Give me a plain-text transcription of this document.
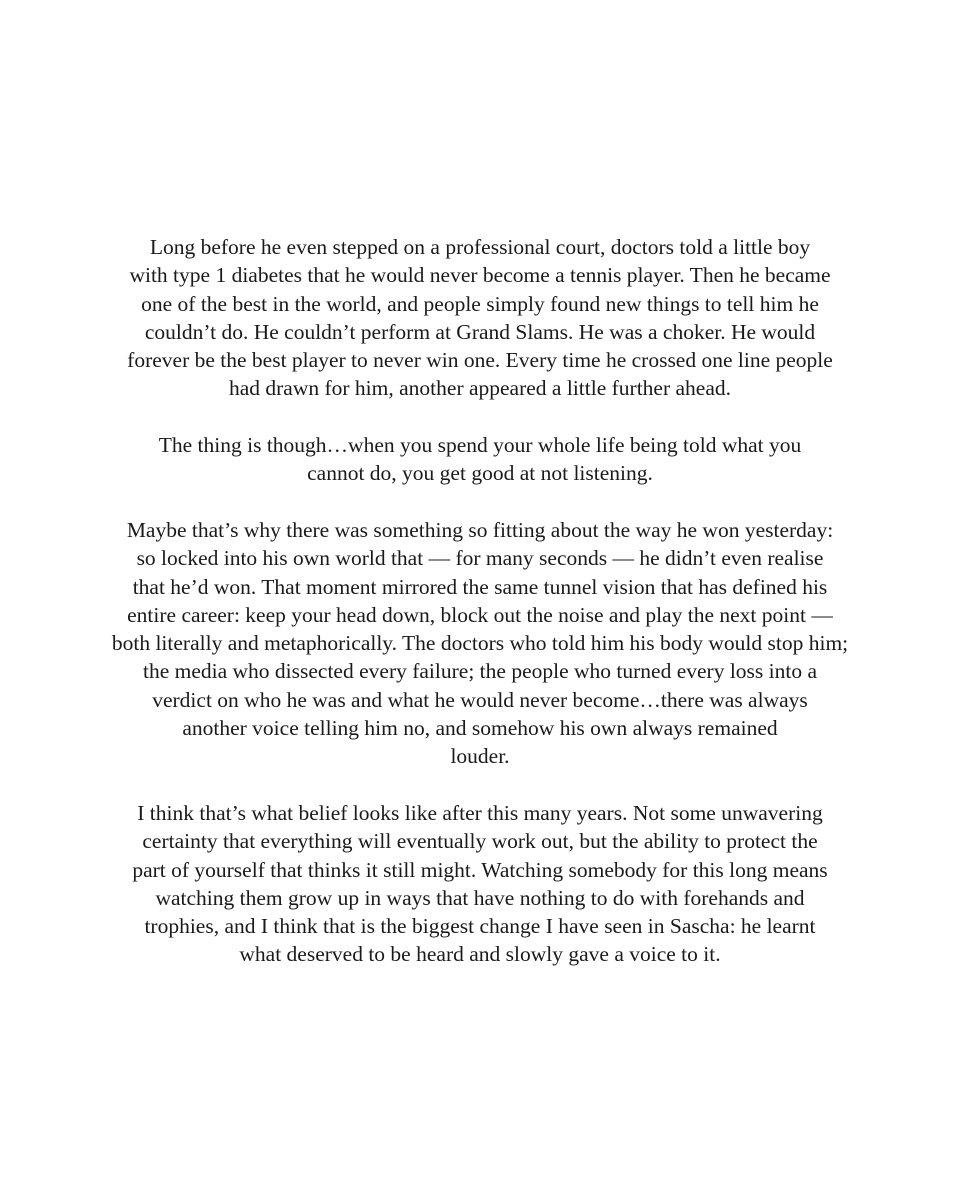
Long before he even stepped on a professional court, doctors told a little boy
with type 1 diabetes that he would never become a tennis player. Then he became
one of the best in the world, and people simply found new things to tell him he
couldn’t do. He couldn’t perform at Grand Slams. He was a choker. He would
forever be the best player to never win one. Every time he crossed one line people
had drawn for him, another appeared a little further ahead.

The thing is though…when you spend your whole life being told what you
cannot do, you get good at not listening.

Maybe that’s why there was something so fitting about the way he won yesterday:
so locked into his own world that — for many seconds — he didn’t even realise
that he’d won. That moment mirrored the same tunnel vision that has defined his
entire career: keep your head down, block out the noise and play the next point —
both literally and metaphorically. The doctors who told him his body would stop him;
the media who dissected every failure; the people who turned every loss into a
verdict on who he was and what he would never become…there was always
another voice telling him no, and somehow his own always remained
louder.

I think that’s what belief looks like after this many years. Not some unwavering
certainty that everything will eventually work out, but the ability to protect the
part of yourself that thinks it still might. Watching somebody for this long means
watching them grow up in ways that have nothing to do with forehands and
trophies, and I think that is the biggest change I have seen in Sascha: he learnt
what deserved to be heard and slowly gave a voice to it.
